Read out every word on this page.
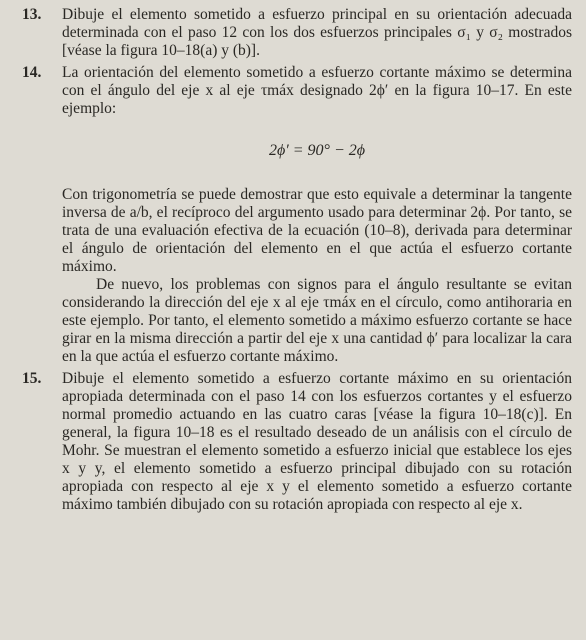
13.	Dibuje el elemento sometido a esfuerzo principal en su orientación adecuada determinada con el paso 12 con los dos esfuerzos principales σ₁ y σ₂ mostrados [véase la figura 10–18(a) y (b)].

14.	La orientación del elemento sometido a esfuerzo cortante máximo se determina con el ángulo del eje x al eje τmáx designado 2ϕ′ en la figura 10–17. En este ejemplo:

2ϕ′ = 90° − 2ϕ

Con trigonometría se puede demostrar que esto equivale a determinar la tangente inversa de a/b, el recíproco del argumento usado para determinar 2ϕ. Por tanto, se trata de una evaluación efectiva de la ecuación (10–8), derivada para determinar el ángulo de orientación del elemento en el que actúa el esfuerzo cortante máximo.

De nuevo, los problemas con signos para el ángulo resultante se evitan considerando la dirección del eje x al eje τmáx en el círculo, como antihoraria en este ejemplo. Por tanto, el elemento sometido a máximo esfuerzo cortante se hace girar en la misma dirección a partir del eje x una cantidad ϕ′ para localizar la cara en la que actúa el esfuerzo cortante máximo.

15.	Dibuje el elemento sometido a esfuerzo cortante máximo en su orientación apropiada determinada con el paso 14 con los esfuerzos cortantes y el esfuerzo normal promedio actuando en las cuatro caras [véase la figura 10–18(c)]. En general, la figura 10–18 es el resultado deseado de un análisis con el círculo de Mohr. Se muestran el elemento sometido a esfuerzo inicial que establece los ejes x y y, el elemento sometido a esfuerzo principal dibujado con su rotación apropiada con respecto al eje x y el elemento sometido a esfuerzo cortante máximo también dibujado con su rotación apropiada con respecto al eje x.
